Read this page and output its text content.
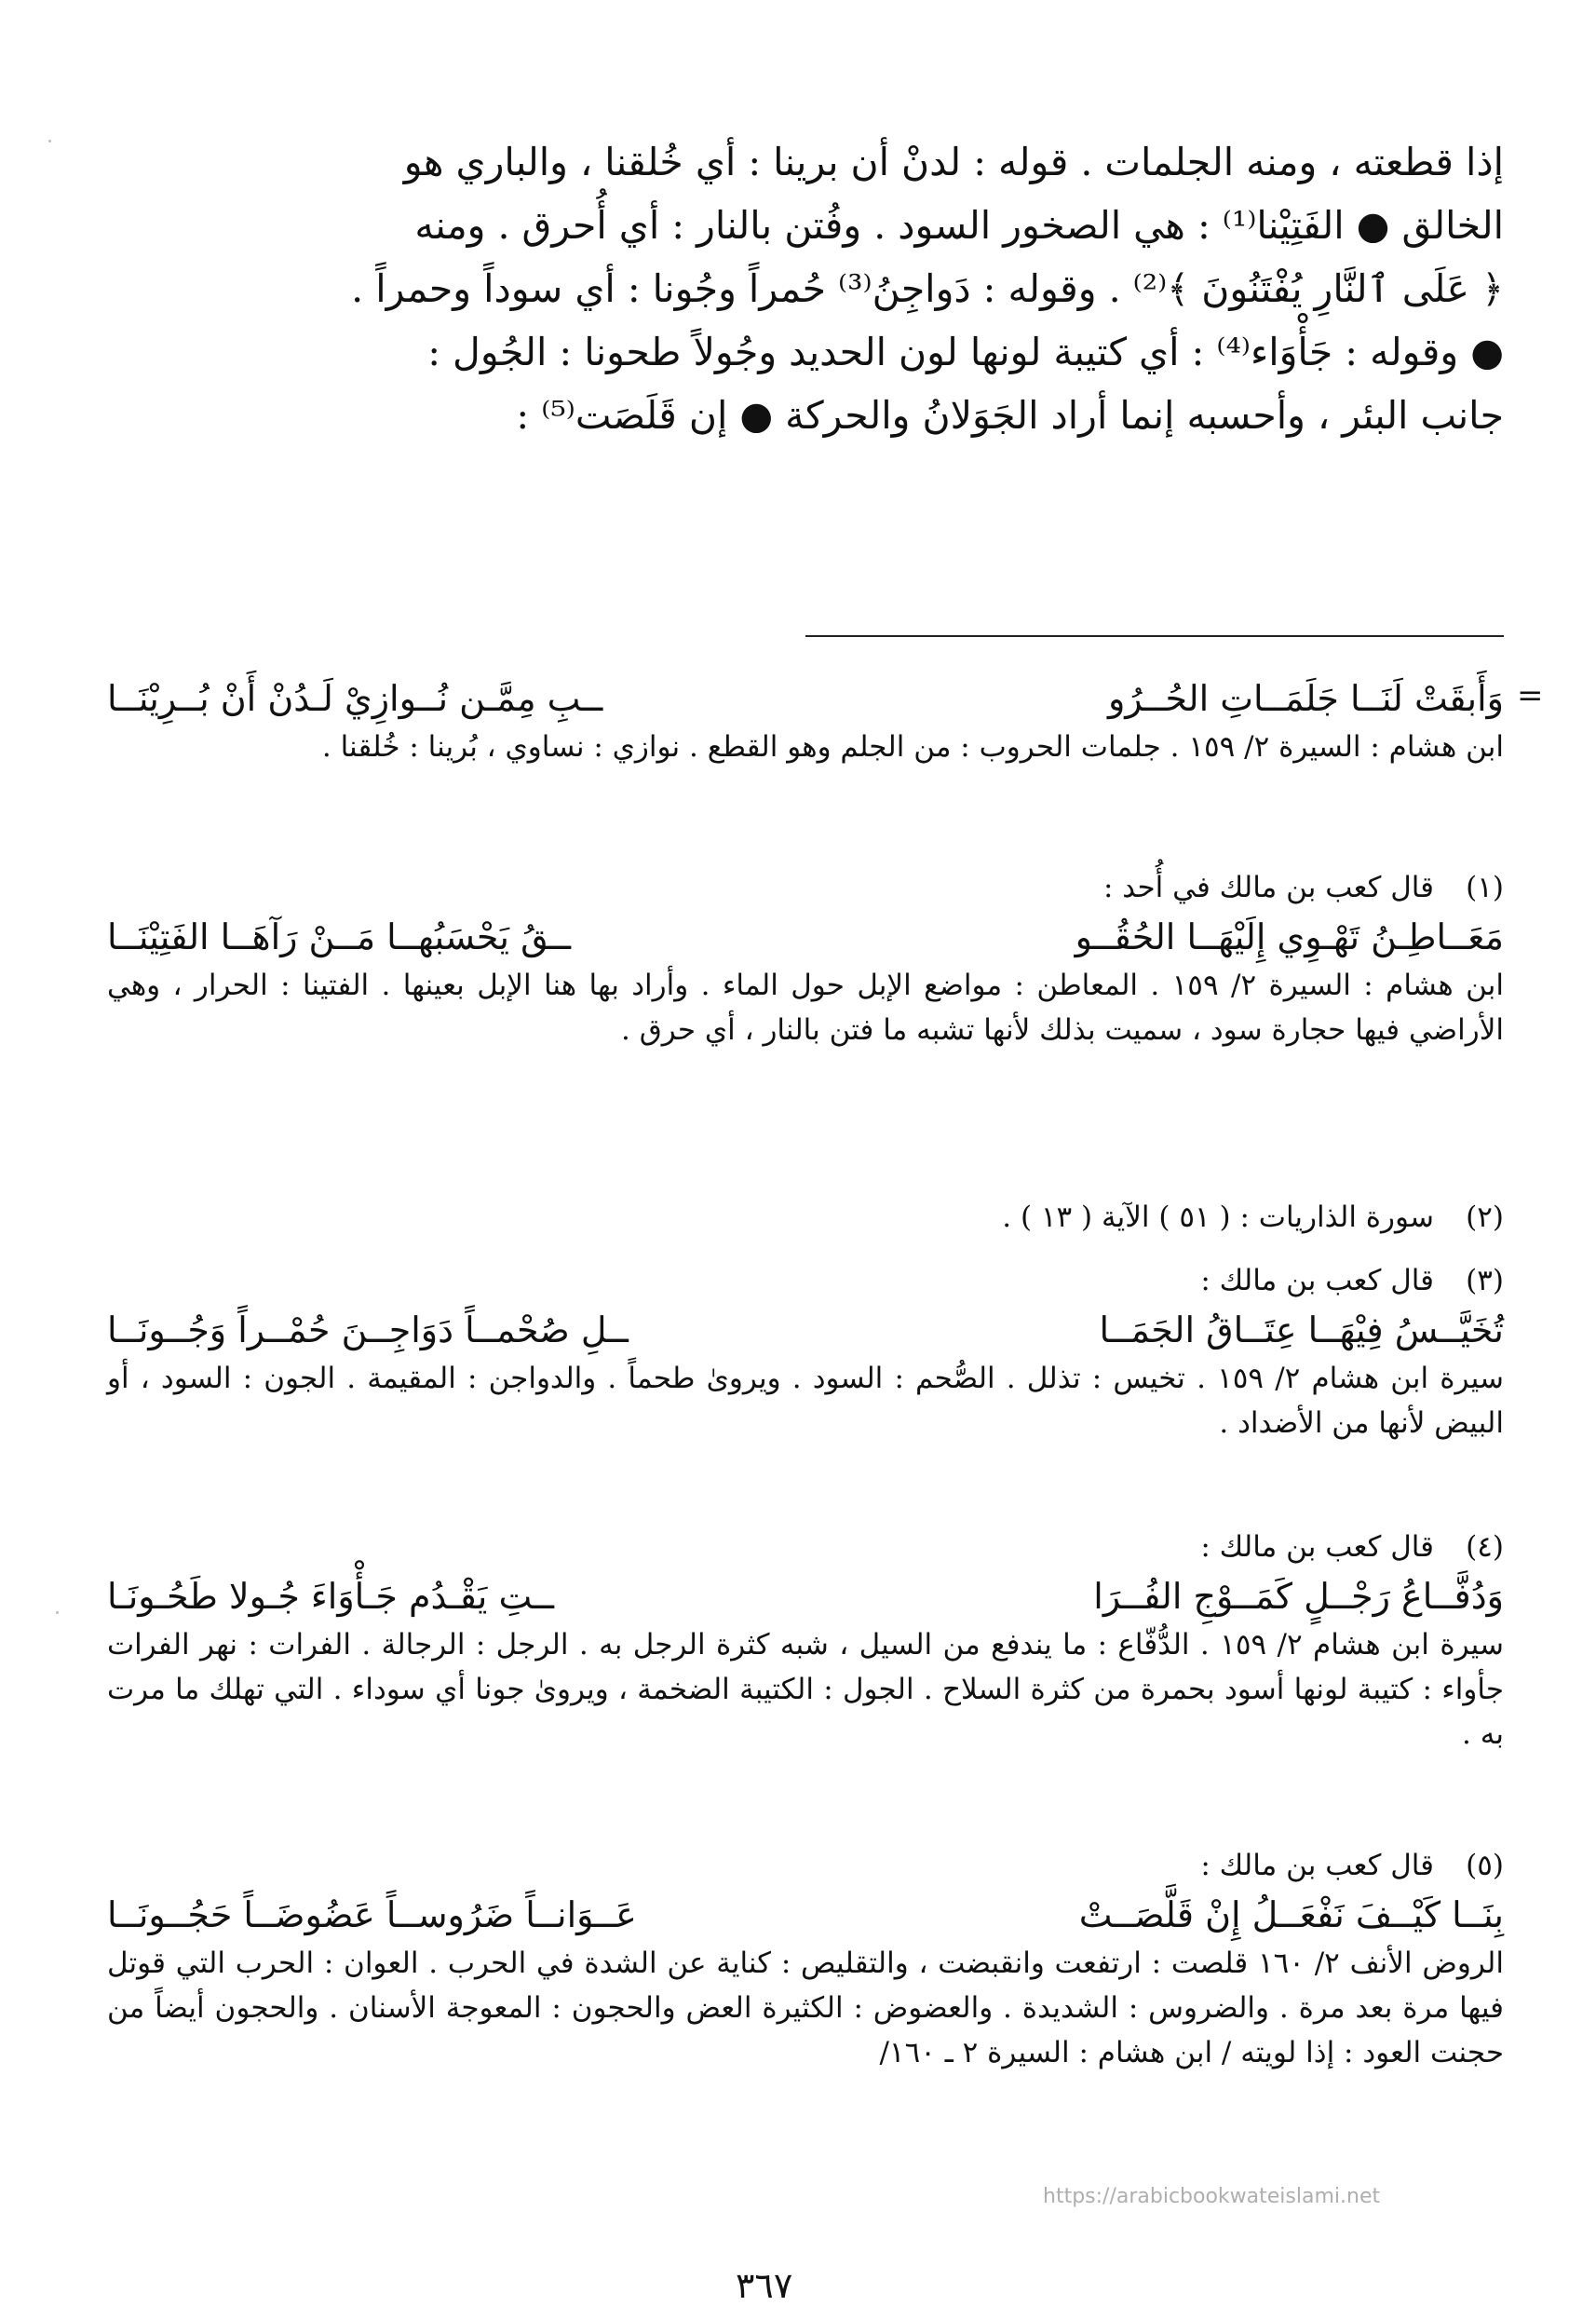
إذا قطعته ، ومنه الجلمات . قوله : لدنْ أن برينا : أي خُلقنا ، والباري هو

الخالق ● الفَتِيْنا⁽¹⁾ : هي الصخور السود . وفُتن بالنار : أي أُحرق . ومنه

﴿ عَلَى ٱلنَّارِ يُفْتَنُونَ ﴾⁽²⁾ . وقوله : دَواجِنُ⁽³⁾ حُمراً وجُونا : أي سوداً وحمراً .

● وقوله : جَأْوَاء⁽⁴⁾ : أي كتيبة لونها لون الحديد وجُولاً طحونا : الجُول :

جانب البئر ، وأحسبه إنما أراد الجَوَلانُ والحركة ● إن قَلَصَت⁽⁵⁾ :

=
وَأَبقَتْ لَنَــا جَلَمَــاتِ الحُــرُو
ــبِ مِمَّـن نُــوازِيْ لَـدُنْ أَنْ بُــرِيْنَــا

ابن هشام : السيرة ٢/ ١٥٩ . جلمات الحروب : من الجلم وهو القطع . نوازي : نساوي ، بُرينا : خُلقنا .

(١)
قال كعب بن مالك في أُحد :
مَعَــاطِـنُ تَهْـوِي إِلَيْهَــا الحُقُــو
ــقُ يَحْسَبُهــا مَــنْ رَآهَــا الفَتِيْنَــا

ابن هشام : السيرة ٢/ ١٥٩ . المعاطن : مواضع الإبل حول الماء . وأراد بها هنا الإبل بعينها . الفتينا : الحرار ، وهي الأراضي فيها حجارة سود ، سميت بذلك لأنها تشبه ما فتن بالنار ، أي حرق .

(٢)
سورة الذاريات : ( ٥١ ) الآية ( ١٣ ) .
(٣)
قال كعب بن مالك :
تُخَيَّــسُ فِيْهَــا عِتَــاقُ الجَمَــا
ــلِ صُحْمــاً دَوَاجِــنَ حُمْــراً وَجُــونَــا

سيرة ابن هشام ٢/ ١٥٩ . تخيس : تذلل . الصُّحم : السود . ويروىٰ طحماً . والدواجن : المقيمة . الجون : السود ، أو البيض لأنها من الأضداد .

(٤)
قال كعب بن مالك :
وَدُفَّــاعُ رَجْــلٍ كَمَــوْجِ الفُــرَا
ــتِ يَقْـدُم جَـأْوَاءَ جُـولا طَحُـونَـا

سيرة ابن هشام ٢/ ١٥٩ . الدُّفّاع : ما يندفع من السيل ، شبه كثرة الرجل به . الرجل : الرجالة . الفرات : نهر الفرات جأواء : كتيبة لونها أسود بحمرة من كثرة السلاح . الجول : الكتيبة الضخمة ، ويروىٰ جونا أي سوداء . التي تهلك ما مرت به .

(٥)
قال كعب بن مالك :
بِنَــا كَيْــفَ نَفْعَــلُ إِنْ قَلَّصَــتْ
عَــوَانــاً ضَرُوســاً عَضُوضَــاً حَجُــونَــا

الروض الأنف ٢/ ١٦٠ قلصت : ارتفعت وانقبضت ، والتقليص : كناية عن الشدة في الحرب . العوان : الحرب التي قوتل فيها مرة بعد مرة . والضروس : الشديدة . والعضوض : الكثيرة العض والحجون : المعوجة الأسنان . والحجون أيضاً من حجنت العود : إذا لويته / ابن هشام : السيرة ٢ ـ ١٦٠/

https://arabicbookwateislami.net
٣٦٧
